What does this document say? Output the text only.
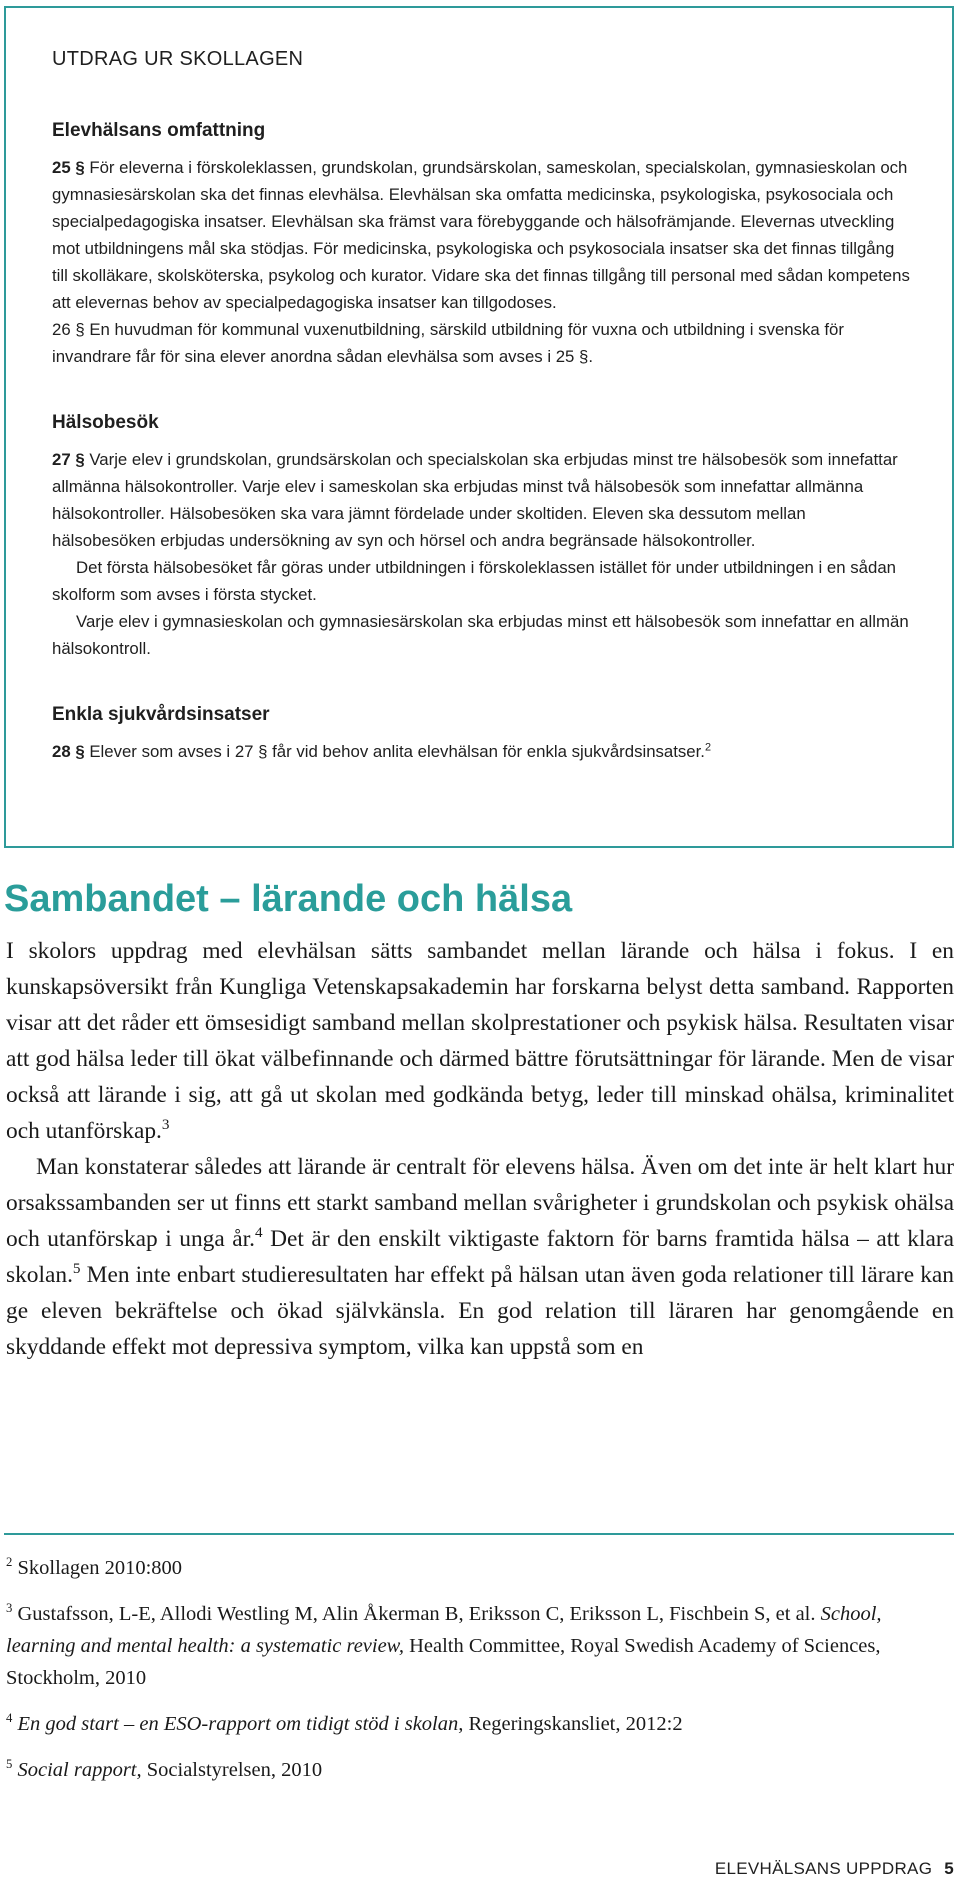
UTDRAG UR SKOLLAGEN
Elevhälsans omfattning

25 § För eleverna i förskoleklassen, grundskolan, grundsärskolan, sameskolan, specialskolan, gymnasieskolan och gymnasiesärskolan ska det finnas elevhälsa. Elevhälsan ska omfatta medicinska, psykologiska, psykosociala och specialpedagogiska insatser. Elevhälsan ska främst vara förebyggande och hälsofrämjande. Elevernas utveckling mot utbildningens mål ska stödjas. För medicinska, psykologiska och psykosociala insatser ska det finnas tillgång till skolläkare, skolsköterska, psykolog och kurator. Vidare ska det finnas tillgång till personal med sådan kompetens att elevernas behov av specialpedagogiska insatser kan tillgodoses.

26 § En huvudman för kommunal vuxenutbildning, särskild utbildning för vuxna och utbildning i svenska för invandrare får för sina elever anordna sådan elevhälsa som avses i 25 §.

Hälsobesök

27 § Varje elev i grundskolan, grundsärskolan och specialskolan ska erbjudas minst tre hälsobesök som innefattar allmänna hälsokontroller. Varje elev i sameskolan ska erbjudas minst två hälsobesök som innefattar allmänna hälsokontroller. Hälsobesöken ska vara jämnt fördelade under skoltiden. Eleven ska dessutom mellan hälsobesöken erbjudas undersökning av syn och hörsel och andra begränsade hälsokontroller.

Det första hälsobesöket får göras under utbildningen i förskoleklassen istället för under utbildningen i en sådan skolform som avses i första stycket.

Varje elev i gymnasieskolan och gymnasiesärskolan ska erbjudas minst ett hälsobesök som innefattar en allmän hälsokontroll.

Enkla sjukvårdsinsatser

28 § Elever som avses i 27 § får vid behov anlita elevhälsan för enkla sjukvårdsinsatser.$^2$

Sambandet – lärande och hälsa

I skolors uppdrag med elevhälsan sätts sambandet mellan lärande och hälsa i fokus. I en kunskapsöversikt från Kungliga Vetenskapsakademin har forskarna belyst detta samband. Rapporten visar att det råder ett ömsesidigt samband mellan skolprestationer och psykisk hälsa. Resultaten visar att god hälsa leder till ökat välbefinnande och därmed bättre förutsättningar för lärande. Men de visar också att lärande i sig, att gå ut skolan med godkända betyg, leder till minskad ohälsa, kriminalitet och utanförskap.$^3$

Man konstaterar således att lärande är centralt för elevens hälsa. Även om det inte är helt klart hur orsakssambanden ser ut finns ett starkt samband mellan svårigheter i grundskolan och psykisk ohälsa och utanförskap i unga år.$^4$ Det är den enskilt viktigaste faktorn för barns framtida hälsa – att klara skolan.$^5$ Men inte enbart studieresultaten har effekt på hälsan utan även goda relationer till lärare kan ge eleven bekräftelse och ökad självkänsla. En god relation till läraren har genomgående en skyddande effekt mot depressiva symptom, vilka kan uppstå som en

$^2$ Skollagen 2010:800
$^3$ Gustafsson, L-E, Allodi Westling M, Alin Åkerman B, Eriksson C, Eriksson L, Fischbein S, et al. School, learning and mental health: a systematic review, Health Committee, Royal Swedish Academy of Sciences, Stockholm, 2010
$^4$ En god start – en ESO-rapport om tidigt stöd i skolan, Regeringskansliet, 2012:2
$^5$ Social rapport, Socialstyrelsen, 2010
ELEVHÄLSANS UPPDRAG 5
